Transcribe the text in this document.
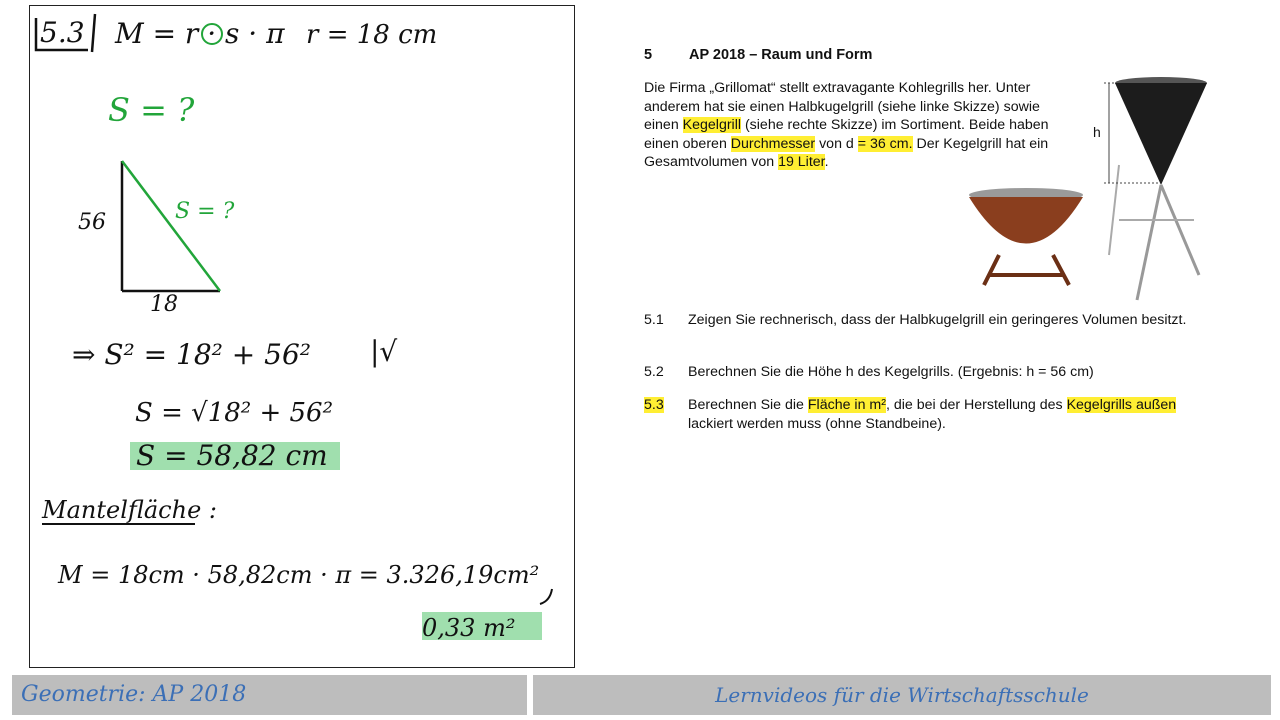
5.3 M = r · s · π r = 18 cm
S = ?
56
18
S = ?
⇒ S² = 18² + 56² |√
S = √18² + 56²
S = 58,82 cm
Mantelfläche :
M = 18cm · 58,82cm · π = 3.326,19cm²
0,33 m²
5	AP 2018 – Raum und Form
Die Firma „Grillomat“ stellt extravagante Kohlegrills her. Unter anderem hat sie einen Halbkugelgrill (siehe linke Skizze) sowie einen Kegelgrill (siehe rechte Skizze) im Sortiment. Beide haben einen oberen Durchmesser von d = 36 cm. Der Kegelgrill hat ein Gesamtvolumen von 19 Liter.
h
5.1	Zeigen Sie rechnerisch, dass der Halbkugelgrill ein geringeres Volumen besitzt.
5.2	Berechnen Sie die Höhe h des Kegelgrills. (Ergebnis: h = 56 cm)
5.3	Berechnen Sie die Fläche in m², die bei der Herstellung des Kegelgrills außen lackiert werden muss (ohne Standbeine).
Geometrie: AP 2018	Lernvideos für die Wirtschaftsschule
